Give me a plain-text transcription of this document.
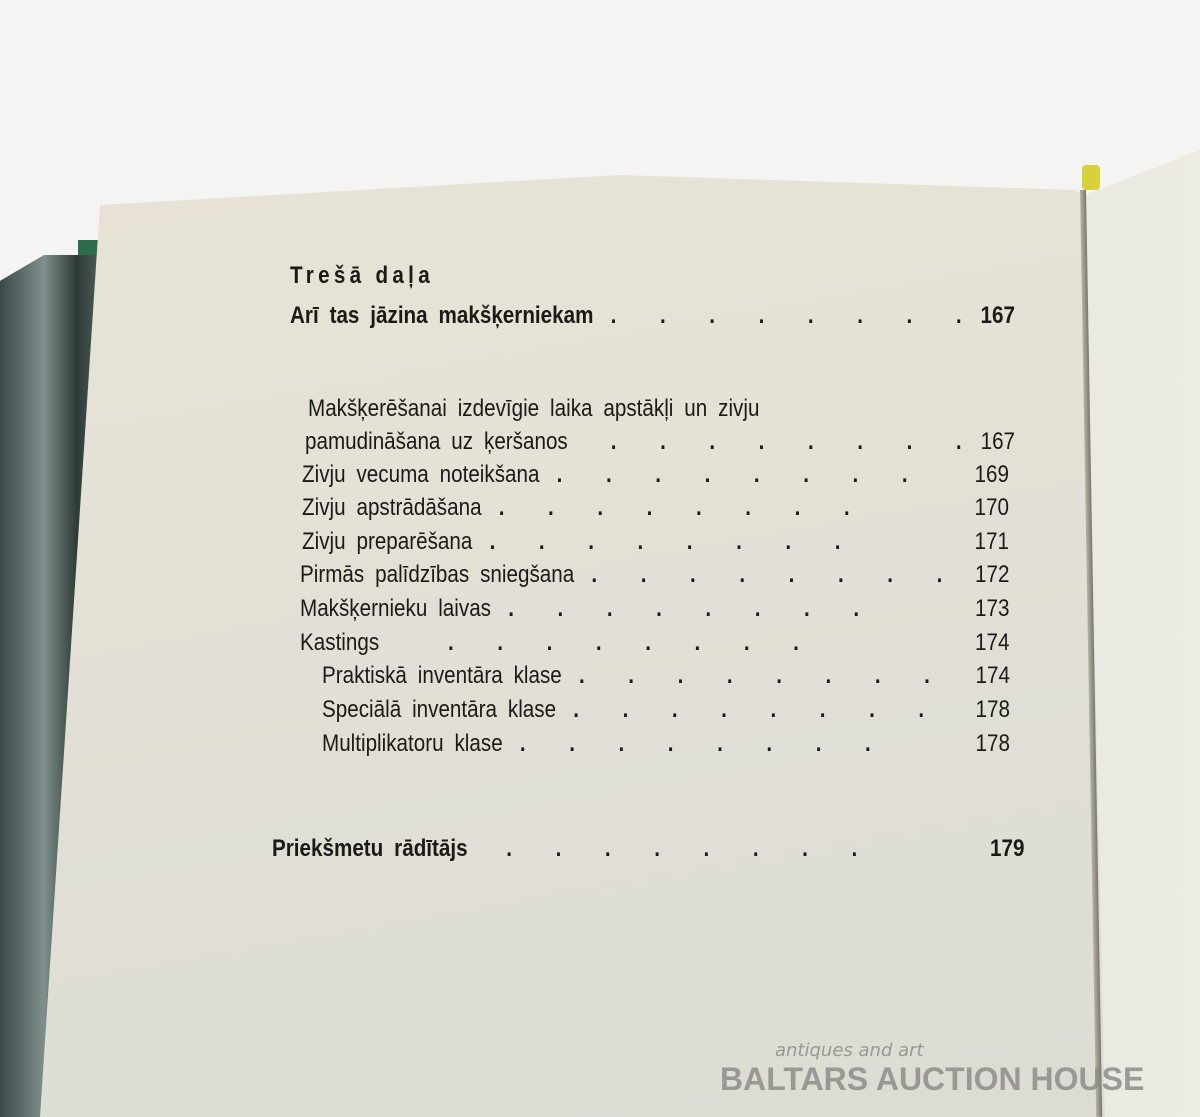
Trešā daļa
Arī tas jāzina makšķerniekam . . . . . . . . 167
Makšķerēšanai izdevīgie laika apstākļi un zivju
pamudināšana uz ķeršanos . . . . . . . . 167
Zivju vecuma noteikšana . . . . . . . . 169
Zivju apstrādāšana . . . . . . . .	170
Zivju preparēšana . . . . . . . .	171
Pirmās palīdzības sniegšana . . . . . . . . 172
Makšķernieku laivas . . . . . . . .	173
Kastings	. . . . . . . .	174
Praktiskā inventāra klase . . . . . . . . 174
Speciālā inventāra klase . . . . . . . . 178
Multiplikatoru klase . . . . . . . .	178
Priekšmetu rādītājs . . . . . . . .	179
antiques and art
BALTARS AUCTION HOUSE
